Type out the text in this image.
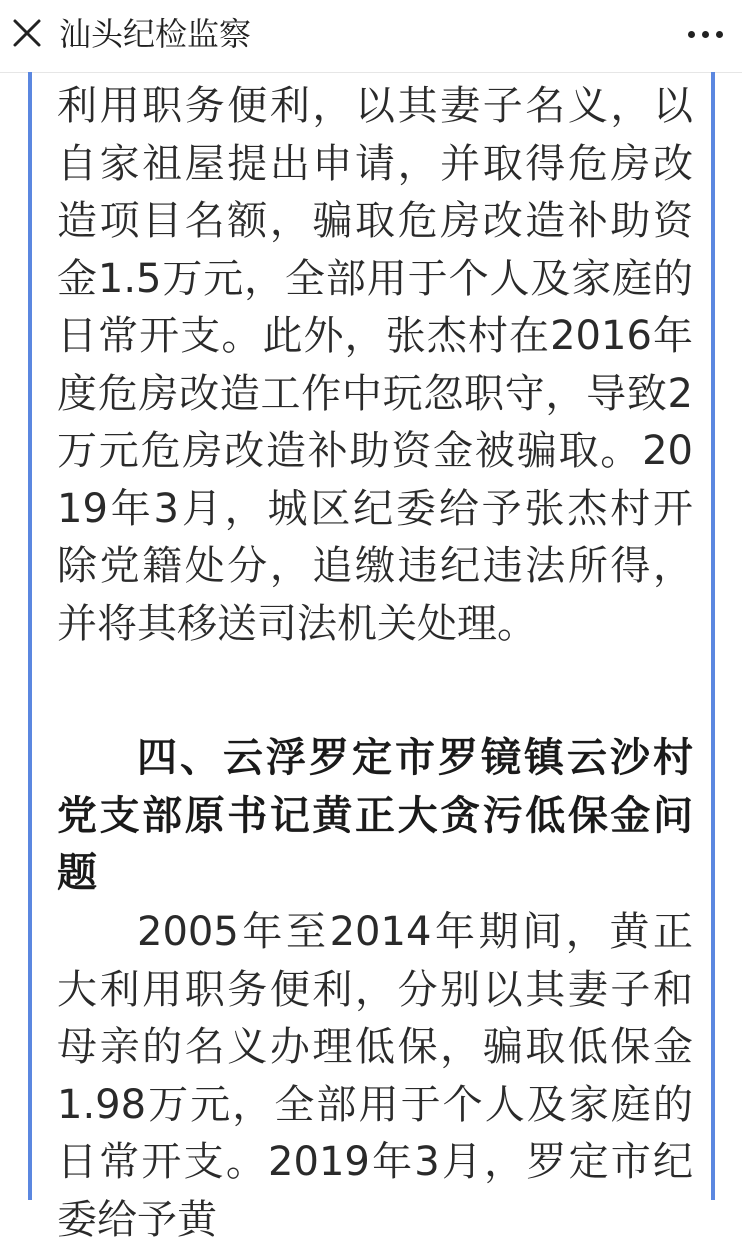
汕头纪检监察
利用职务便利，以其妻子名义，以自家祖屋提出申请，并取得危房改造项目名额，骗取危房改造补助资金1.5万元，全部用于个人及家庭的日常开支。此外，张杰村在2016年度危房改造工作中玩忽职守，导致2万元危房改造补助资金被骗取。2019年3月，城区纪委给予张杰村开除党籍处分，追缴违纪违法所得，并将其移送司法机关处理。
四、云浮罗定市罗镜镇云沙村党支部原书记黄正大贪污低保金问题
2005年至2014年期间，黄正大利用职务便利，分别以其妻子和母亲的名义办理低保，骗取低保金1.98万元，全部用于个人及家庭的日常开支。2019年3月，罗定市纪委给予黄
